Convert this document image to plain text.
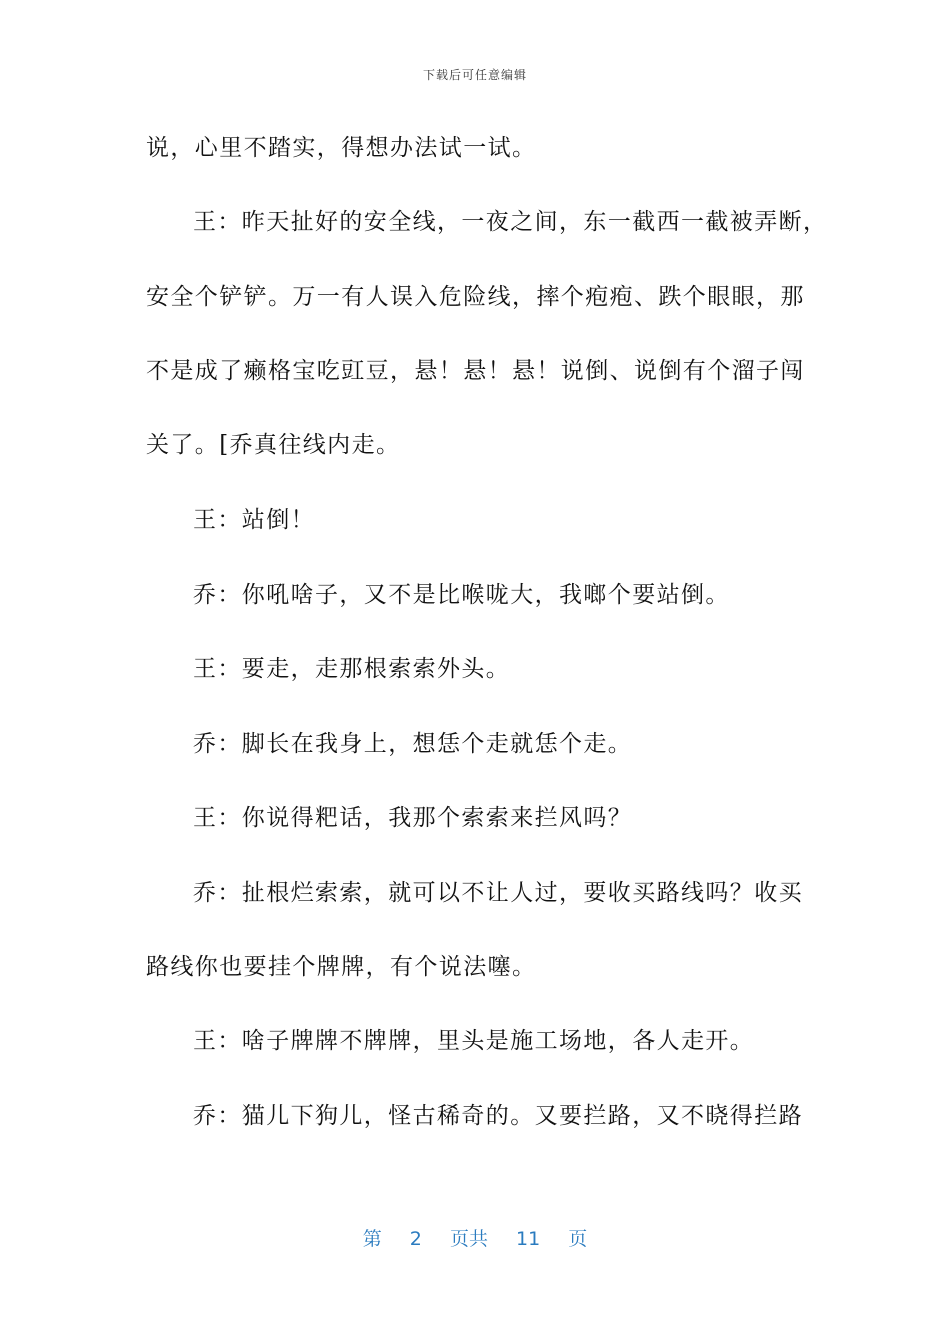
下载后可任意编辑
说，心里不踏实，得想办法试一试。
王：昨天扯好的安全线，一夜之间，东一截西一截被弄断，
安全个铲铲。万一有人误入危险线，摔个疱疱、跌个眼眼，那
不是成了癞格宝吃豇豆，悬！悬！悬！说倒、说倒有个溜子闯
关了。[乔真往线内走。
王：站倒！
乔：你吼啥子，又不是比喉咙大，我啷个要站倒。
王：要走，走那根索索外头。
乔：脚长在我身上，想恁个走就恁个走。
王：你说得粑话，我那个索索来拦风吗？
乔：扯根烂索索，就可以不让人过，要收买路线吗？收买
路线你也要挂个牌牌，有个说法噻。
王：啥子牌牌不牌牌，里头是施工场地，各人走开。
乔：猫儿下狗儿，怪古稀奇的。又要拦路，又不晓得拦路
第 2 页共 11 页
